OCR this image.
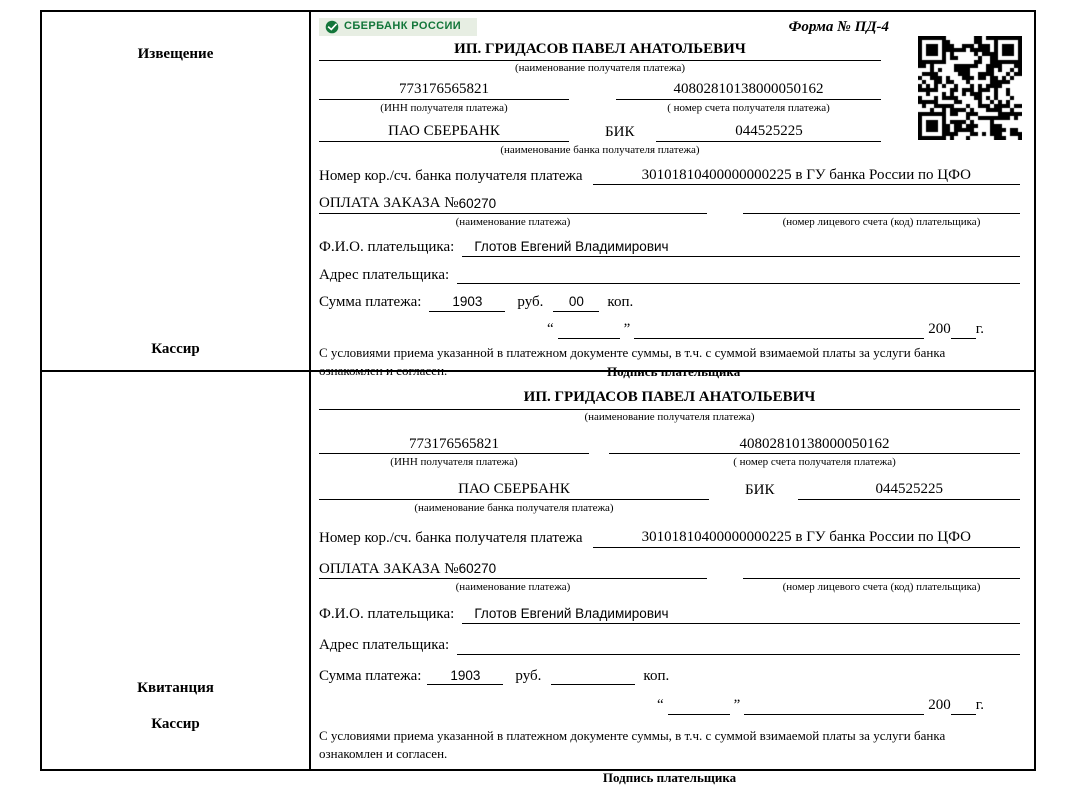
Извещение
Кассир
СБЕРБАНК РОССИИ	Форма № ПД-4
ИП. ГРИДАСОВ ПАВЕЛ АНАТОЛЬЕВИЧ
(наименование получателя платежа)
773176565821	40802810138000050162
(ИНН получателя платежа)	( номер счета получателя платежа)
ПАО СБЕРБАНК	БИК	044525225
(наименование банка получателя платежа)
Номер кор./сч. банка получателя платежа	30101810400000000225 в ГУ банка России по ЦФО
ОПЛАТА ЗАКАЗА № 60270

(наименование платежа)	(номер лицевого счета (код) плательщика)
Ф.И.О. плательщика:	Глотов Евгений Владимирович
Адрес плательщика:
Сумма платежа:	1903	руб.	00	коп.
“
	”
	200
г.
С условиями приема указанной в платежном документе суммы, в т.ч. с суммой взимаемой платы за услуги банка ознакомлен и согласен.	Подпись плательщика
Квитанция
Кассир
ИП. ГРИДАСОВ ПАВЕЛ АНАТОЛЬЕВИЧ
(наименование получателя платежа)
773176565821	40802810138000050162
(ИНН получателя платежа)	( номер счета получателя платежа)
ПАО СБЕРБАНК	БИК	044525225
(наименование банка получателя платежа)
Номер кор./сч. банка получателя платежа	30101810400000000225 в ГУ банка России по ЦФО
ОПЛАТА ЗАКАЗА № 60270

(наименование платежа)	(номер лицевого счета (код) плательщика)
Ф.И.О. плательщика:	Глотов Евгений Владимирович
Адрес плательщика:
Сумма платежа:	1903	руб.	коп.
“
	”
	200
г.
С условиями приема указанной в платежном документе суммы, в т.ч. с суммой взимаемой платы за услуги банка ознакомлен и согласен.
Подпись плательщика
